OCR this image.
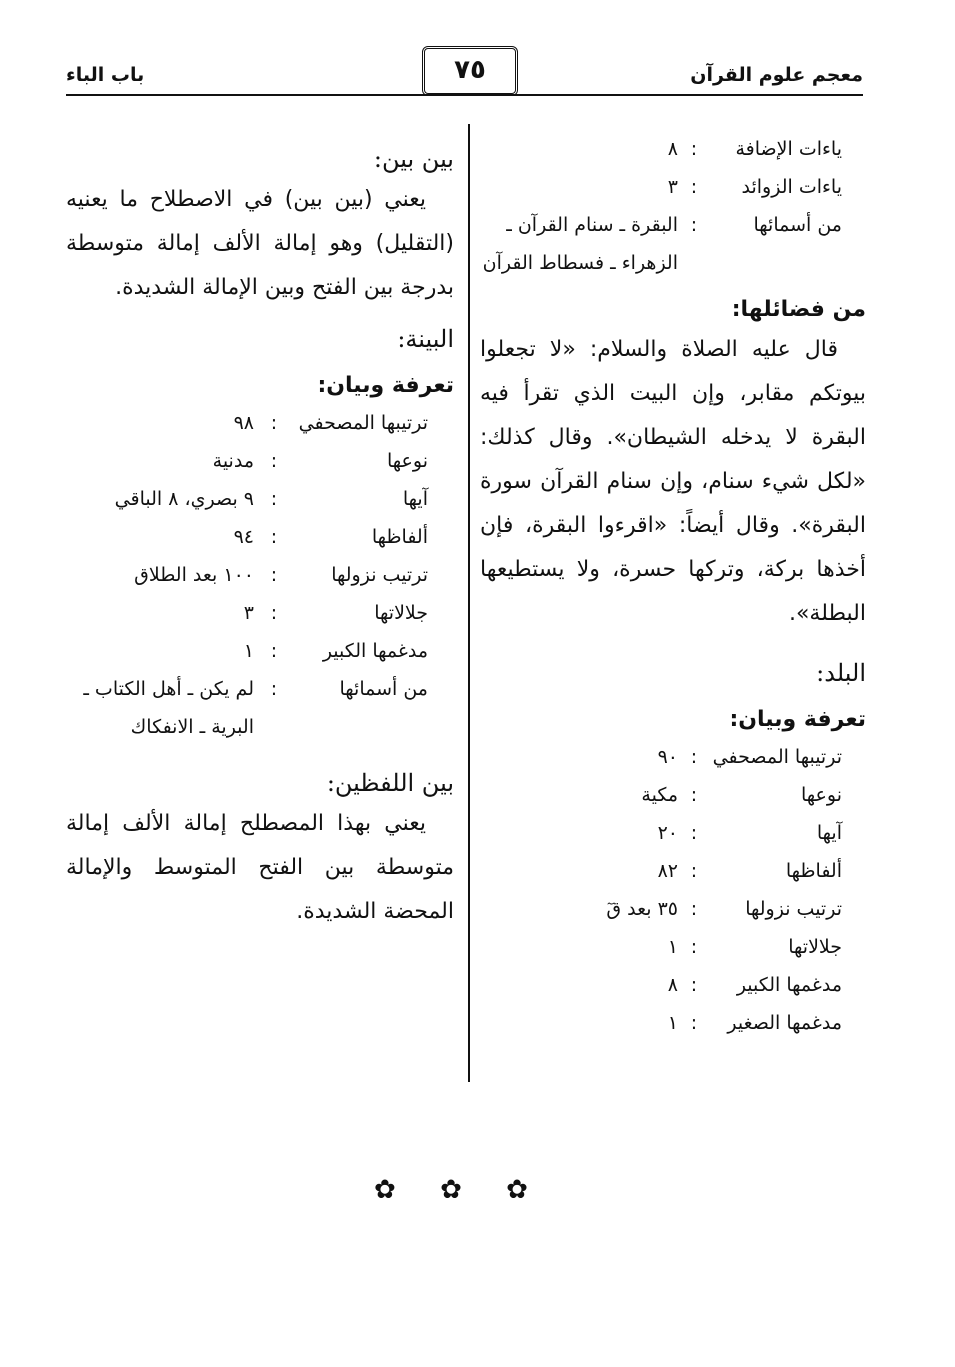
باب الباء	٧٥	معجم علوم القرآن
ياءات الإضافة
:
٨
ياءات الزوائد
:
٣
من أسمائها
:
البقرة ـ سنام القرآن ـ الزهراء ـ فسطاط القرآن

من فضائلها:

قال عليه الصلاة والسلام: «لا تجعلوا بيوتكم مقابر، وإن البيت الذي تقرأ فيه البقرة لا يدخله الشيطان». وقال كذلك: «لكل شيء سنام، وإن سنام القرآن سورة البقرة». وقال أيضاً: «اقرءوا البقرة، فإن أخذها بركة، وتركها حسرة، ولا يستطيعها البطلة».

البلد:

تعرفة وبيان:

ترتيبها المصحفي
:
٩٠
نوعها
:
مكية
آيها
:
٢٠
ألفاظها
:
٨٢
ترتيب نزولها
:
٣٥ بعد قٓ
جلالاتها
:
١
مدغمها الكبير
:
٨
مدغمها الصغير
:
١

بين بين:

يعني (بين بين) في الاصطلاح ما يعنيه (التقليل) وهو إمالة الألف إمالة متوسطة بدرجة بين الفتح وبين الإمالة الشديدة.

البينة:

تعرفة وبيان:

ترتيبها المصحفي
:
٩٨
نوعها
:
مدنية
آيها
:
٩ بصري، ٨ الباقي
ألفاظها
:
٩٤
ترتيب نزولها
:
١٠٠ بعد الطلاق
جلالاتها
:
٣
مدغمها الكبير
:
١
من أسمائها
:
لم يكن ـ أهل الكتاب ـ البرية ـ الانفكاك

بين اللفظين:

يعني بهذا المصطلح إمالة الألف إمالة متوسطة بين الفتح المتوسط والإمالة المحضة الشديدة.

✿ ✿ ✿
